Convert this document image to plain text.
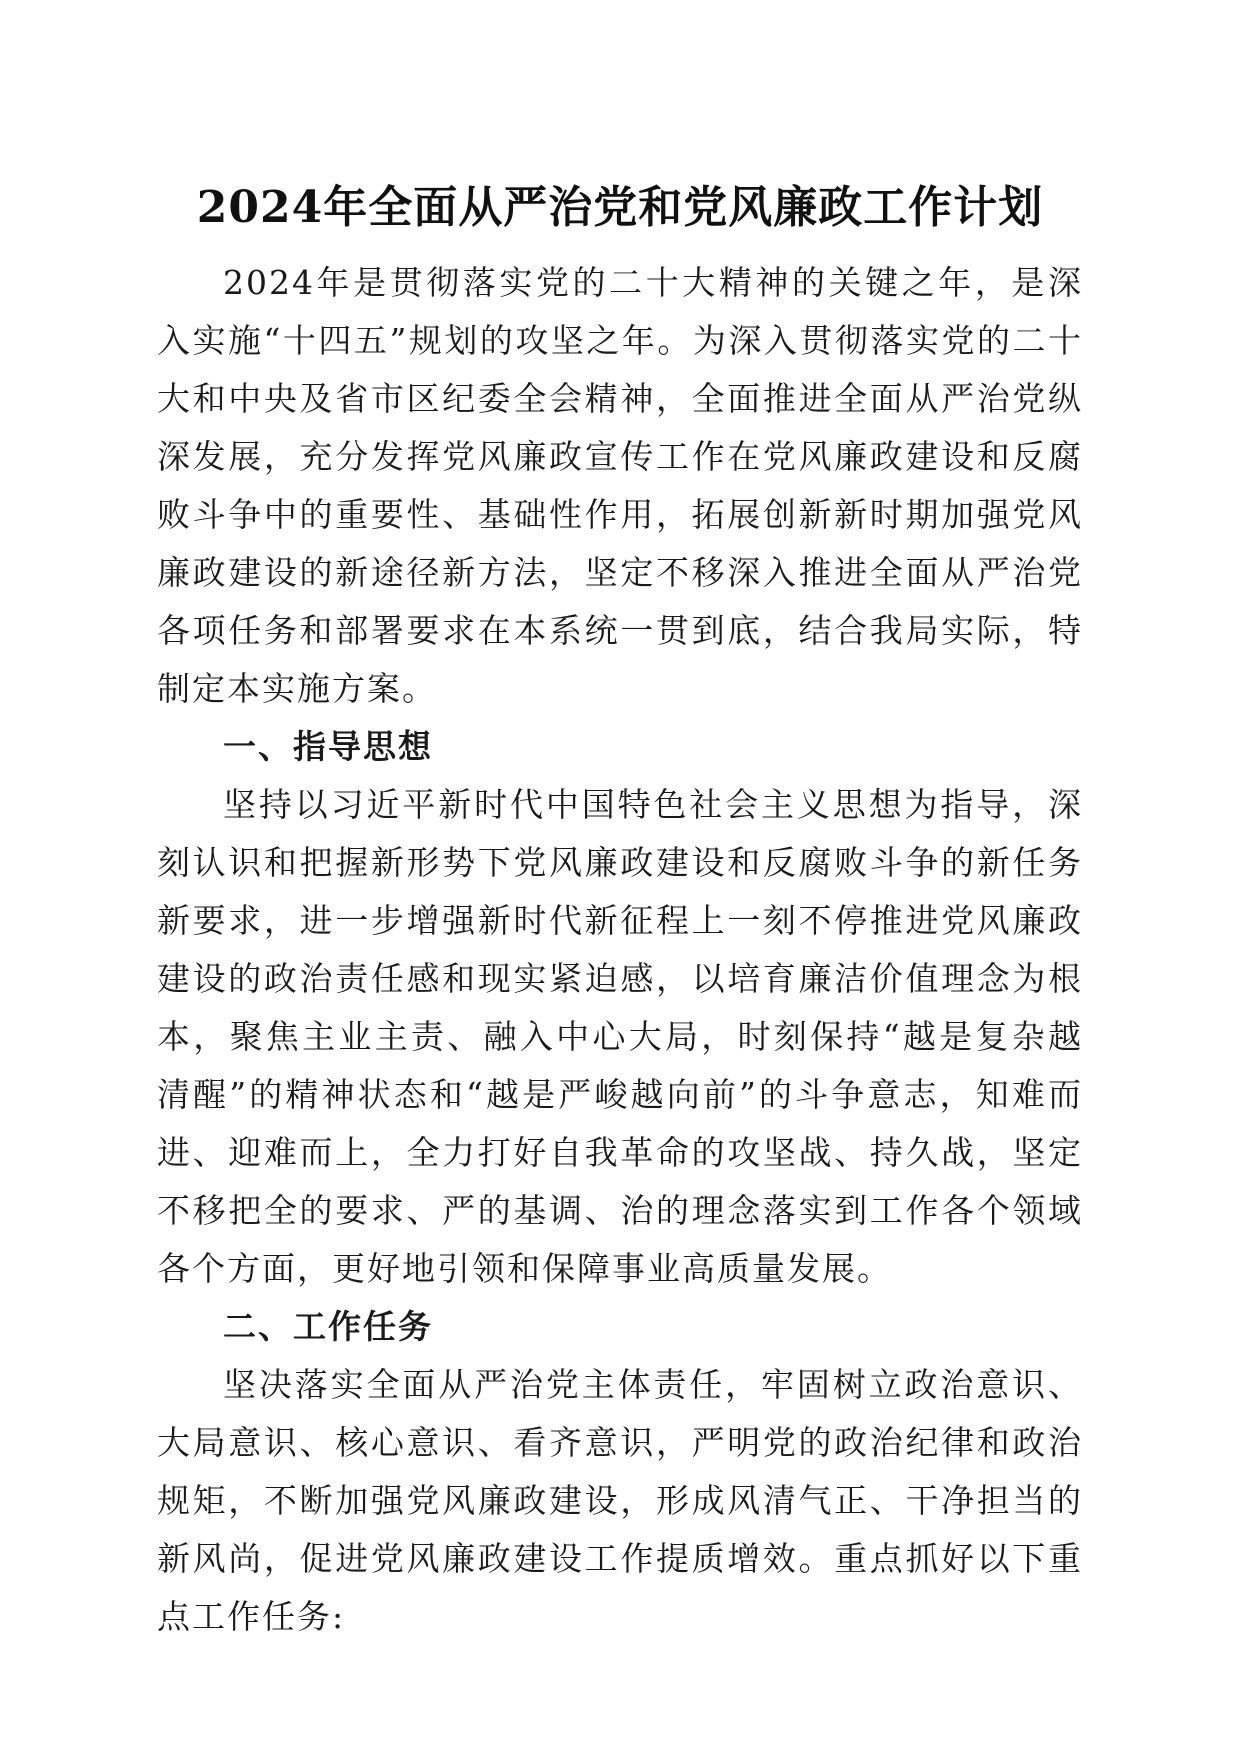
2024年全面从严治党和党风廉政工作计划

2024年是贯彻落实党的二十大精神的关键之年，是深入实施“十四五”规划的攻坚之年。为深入贯彻落实党的二十大和中央及省市区纪委全会精神，全面推进全面从严治党纵深发展，充分发挥党风廉政宣传工作在党风廉政建设和反腐败斗争中的重要性、基础性作用，拓展创新新时期加强党风廉政建设的新途径新方法，坚定不移深入推进全面从严治党各项任务和部署要求在本系统一贯到底，结合我局实际，特制定本实施方案。

一、指导思想

坚持以习近平新时代中国特色社会主义思想为指导，深刻认识和把握新形势下党风廉政建设和反腐败斗争的新任务新要求，进一步增强新时代新征程上一刻不停推进党风廉政建设的政治责任感和现实紧迫感，以培育廉洁价值理念为根本，聚焦主业主责、融入中心大局，时刻保持“越是复杂越清醒”的精神状态和“越是严峻越向前”的斗争意志，知难而进、迎难而上，全力打好自我革命的攻坚战、持久战，坚定不移把全的要求、严的基调、治的理念落实到工作各个领域各个方面，更好地引领和保障事业高质量发展。

二、工作任务

坚决落实全面从严治党主体责任，牢固树立政治意识、大局意识、核心意识、看齐意识，严明党的政治纪律和政治规矩，不断加强党风廉政建设，形成风清气正、干净担当的新风尚，促进党风廉政建设工作提质增效。重点抓好以下重点工作任务:
